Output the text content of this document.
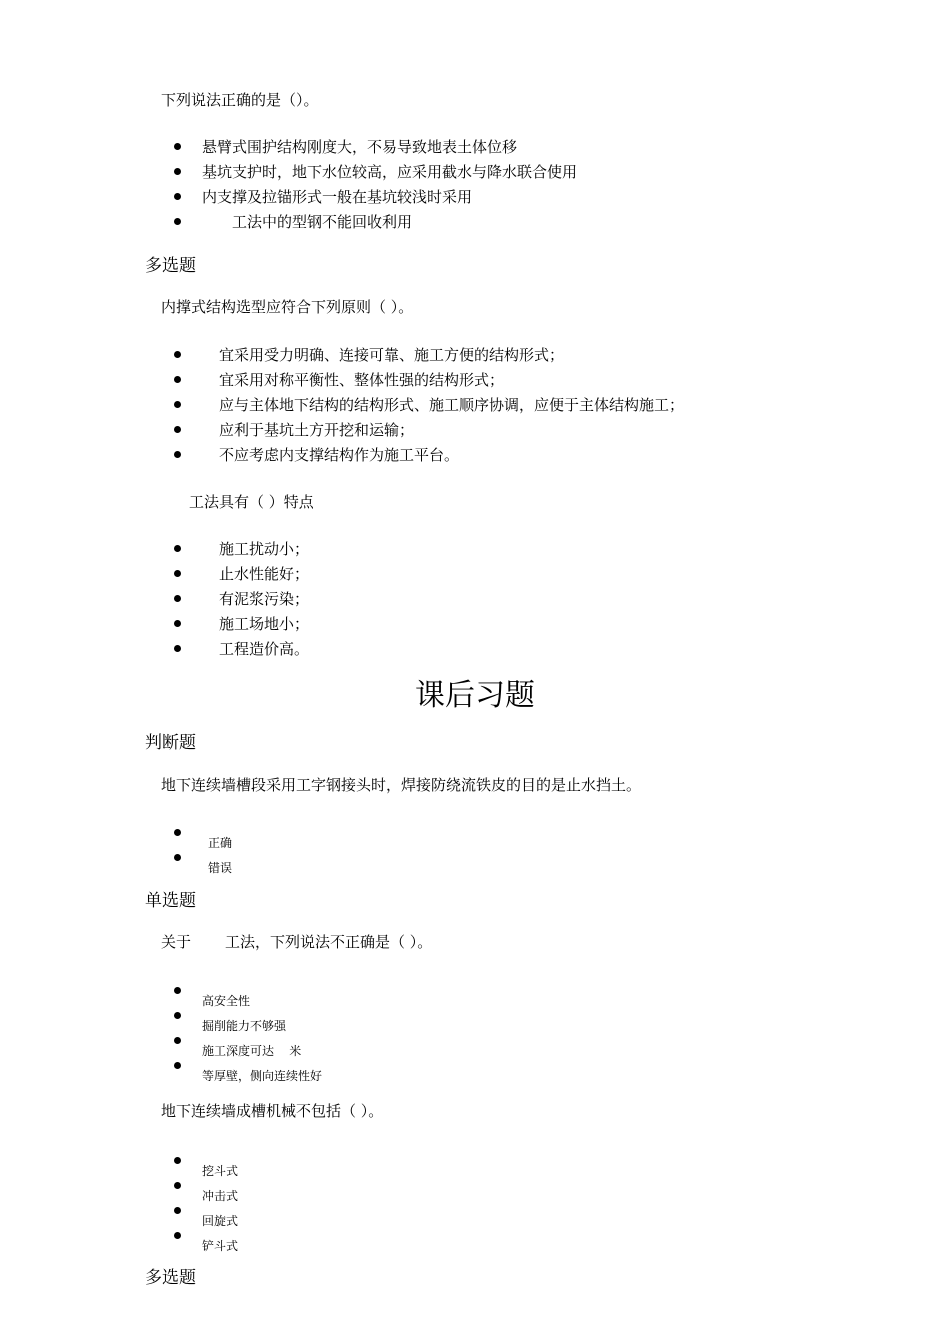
下列说法正确的是（）。
悬臂式围护结构刚度大，不易导致地表土体位移
基坑支护时，地下水位较高，应采用截水与降水联合使用
内支撑及拉锚形式一般在基坑较浅时采用
工法中的型钢不能回收利用
多选题
内撑式结构选型应符合下列原则（ ）。
宜采用受力明确、连接可靠、施工方便的结构形式；
宜采用对称平衡性、整体性强的结构形式；
应与主体地下结构的结构形式、施工顺序协调，应便于主体结构施工；
应利于基坑土方开挖和运输；
不应考虑内支撑结构作为施工平台。
工法具有（ ）特点
施工扰动小；
止水性能好；
有泥浆污染；
施工场地小；
工程造价高。
课后习题
判断题
地下连续墙槽段采用工字钢接头时，焊接防绕流铁皮的目的是止水挡土。
正确
错误
单选题
关于 工法，下列说法不正确是（ ）。
高安全性
掘削能力不够强
施工深度可达    米
等厚壁，侧向连续性好
地下连续墙成槽机械不包括（ ）。
挖斗式
冲击式
回旋式
铲斗式
多选题
